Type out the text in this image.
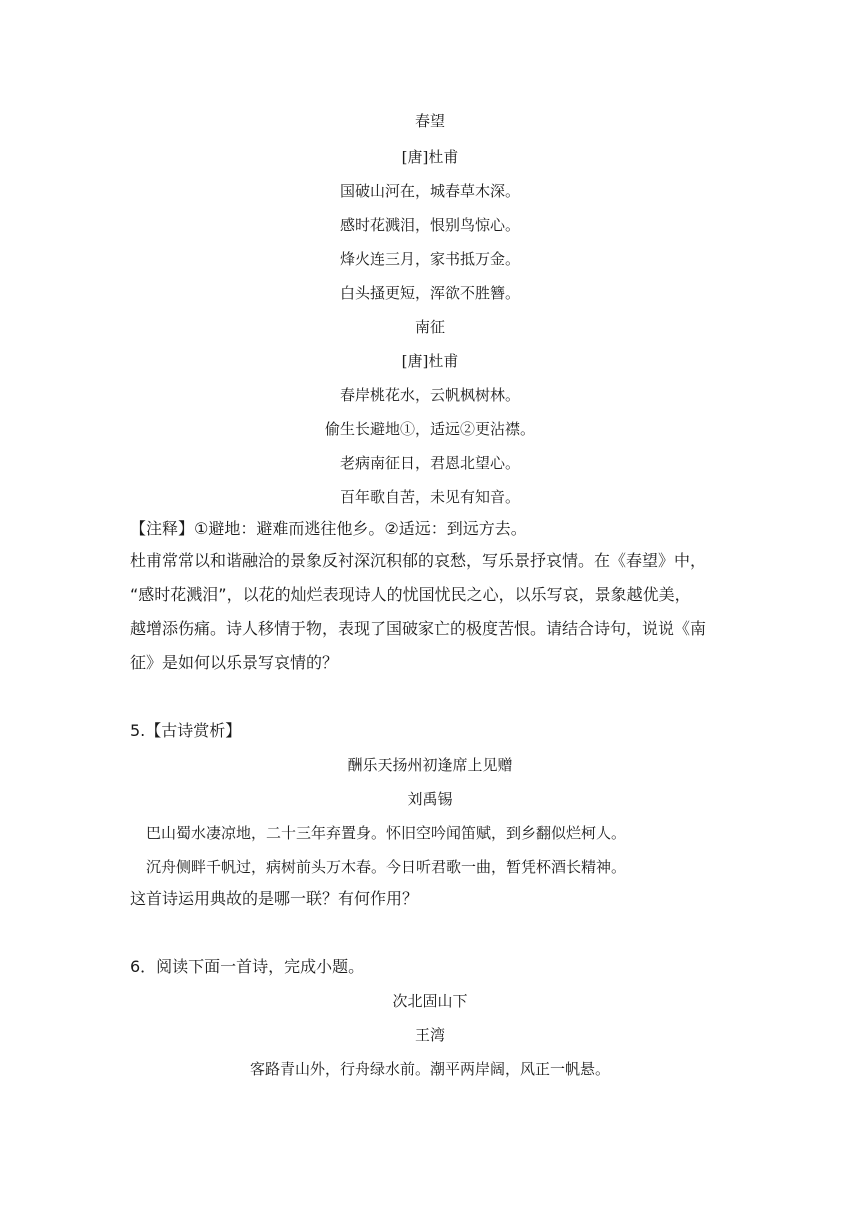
春望
[唐]杜甫
国破山河在，城春草木深。
感时花溅泪，恨别鸟惊心。
烽火连三月，家书抵万金。
白头搔更短，浑欲不胜簪。
南征
[唐]杜甫
春岸桃花水，云帆枫树林。
偷生长避地①，适远②更沾襟。
老病南征日，君恩北望心。
百年歌自苦，未见有知音。
【注释】①避地：避难而逃往他乡。②适远：到远方去。
杜甫常常以和谐融洽的景象反衬深沉积郁的哀愁，写乐景抒哀情。在《春望》中，
“感时花溅泪”，以花的灿烂表现诗人的忧国忧民之心，以乐写哀，景象越优美，
越增添伤痛。诗人移情于物，表现了国破家亡的极度苦恨。请结合诗句，说说《南
征》是如何以乐景写哀情的？
5.【古诗赏析】
酬乐天扬州初逢席上见赠
刘禹锡
巴山蜀水凄凉地，二十三年弃置身。怀旧空吟闻笛赋，到乡翻似烂柯人。
沉舟侧畔千帆过，病树前头万木春。今日听君歌一曲，暂凭杯酒长精神。
这首诗运用典故的是哪一联？有何作用？
6．阅读下面一首诗，完成小题。
次北固山下
王湾
客路青山外，行舟绿水前。潮平两岸阔，风正一帆悬。
